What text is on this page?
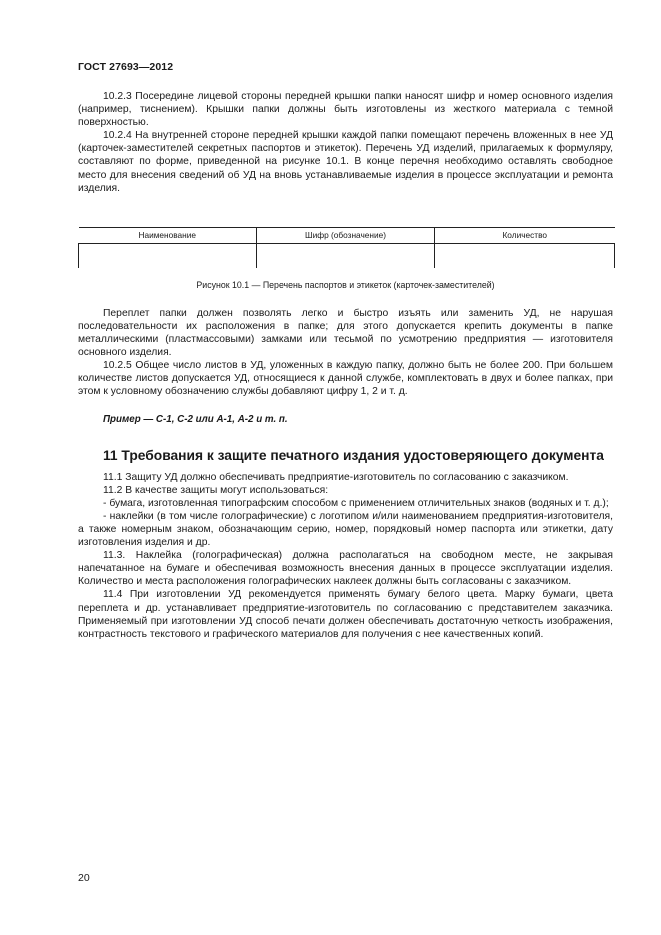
ГОСТ 27693—2012

10.2.3 Посередине лицевой стороны передней крышки папки наносят шифр и номер основного изделия (например, тиснением). Крышки папки должны быть изготовлены из жесткого материала с темной поверхностью.

10.2.4 На внутренней стороне передней крышки каждой папки помещают перечень вложенных в нее УД (карточек-заместителей секретных паспортов и этикеток). Перечень УД изделий, прилагаемых к формуляру, составляют по форме, приведенной на рисунке 10.1. В конце перечня необходимо оставлять свободное место для внесения сведений об УД на вновь устанавливаемые изделия в процессе эксплуатации и ремонта изделия.

Наименование	Шифр (обозначение)	Количество

Рисунок 10.1 — Перечень паспортов и этикеток (карточек-заместителей)

Переплет папки должен позволять легко и быстро изъять или заменить УД, не нарушая последовательности их расположения в папке; для этого допускается крепить документы в папке металлическими (пластмассовыми) замками или тесьмой по усмотрению предприятия — изготовителя основного изделия.

10.2.5 Общее число листов в УД, уложенных в каждую папку, должно быть не более 200. При большем количестве листов допускается УД, относящиеся к данной службе, комплектовать в двух и более папках, при этом к условному обозначению службы добавляют цифру 1, 2 и т. д.

Пример — С-1, С-2 или А-1, А-2 и т. п.
11 Требования к защите печатного издания удостоверяющего документа

11.1 Защиту УД должно обеспечивать предприятие-изготовитель по согласованию с заказчиком.

11.2 В качестве защиты могут использоваться:

- бумага, изготовленная типографским способом с применением отличительных знаков (водяных и т. д.);

- наклейки (в том числе голографические) с логотипом и/или наименованием предприятия-изготовителя, а также номерным знаком, обозначающим серию, номер, порядковый номер паспорта или этикетки, дату изготовления изделия и др.

11.3. Наклейка (голографическая) должна располагаться на свободном месте, не закрывая напечатанное на бумаге и обеспечивая возможность внесения данных в процессе эксплуатации изделия. Количество и места расположения голографических наклеек должны быть согласованы с заказчиком.

11.4 При изготовлении УД рекомендуется применять бумагу белого цвета. Марку бумаги, цвета переплета и др. устанавливает предприятие-изготовитель по согласованию с представителем заказчика. Применяемый при изготовлении УД способ печати должен обеспечивать достаточную четкость изображения, контрастность текстового и графического материалов для получения с нее качественных копий.

20
